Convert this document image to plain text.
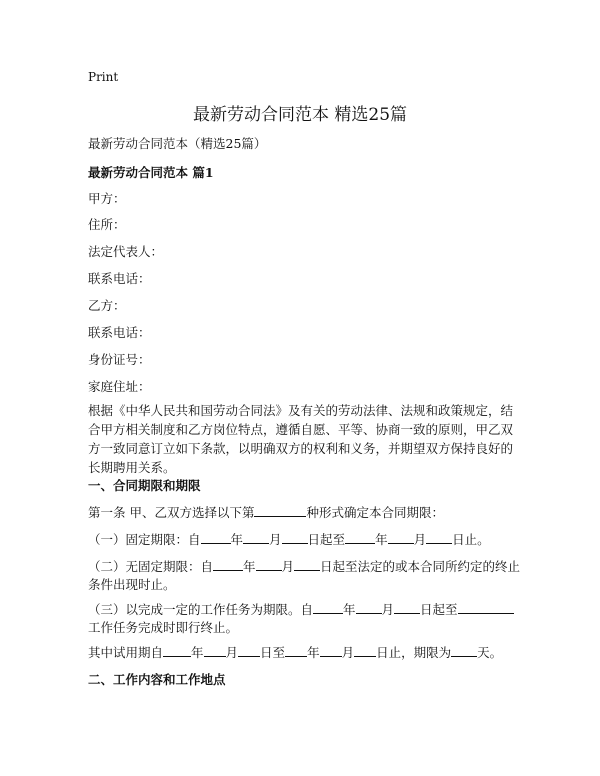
Print
最新劳动合同范本 精选25篇
最新劳动合同范本（精选25篇）
最新劳动合同范本 篇1
甲方：
住所：
法定代表人：
联系电话：
乙方：
联系电话：
身份证号：
家庭住址：
根据《中华人民共和国劳动合同法》及有关的劳动法律、法规和政策规定，结合甲方相关制度和乙方岗位特点，遵循自愿、平等、协商一致的原则，甲乙双方一致同意订立如下条款，以明确双方的权利和义务，并期望双方保持良好的长期聘用关系。
一、合同期限和期限
第一条 甲、乙双方选择以下第	种形式确定本合同期限：
（一）固定期限：自 年 月 日起至 年 月 日止。
（二）无固定期限：自 年 月 日起至法定的或本合同所约定的终止
条件出现时止。
（三）以完成一定的工作任务为期限。自 年 月 日起至
工作任务完成时即行终止。
其中试用期自 年 月 日至 年 月 日止，期限为 天。
二、工作内容和工作地点
